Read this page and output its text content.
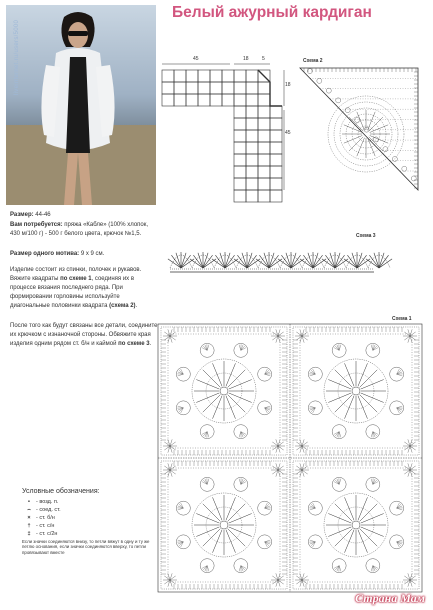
liveinternet.ru/users/5000
Белый ажурный кардиган
45	18	5
18
45
Схема 2
Схема 3
Схема 1
Размер: 44-46
Вам потребуется: пряжа «Кабле» (100% хлопок, 430 м/100 г) - 500 г белого цвета, крючок №1,5.
Размер одного мотива: 9 х 9 см.
Изделие состоит из спинки, полочек и рукавов. Вяжите квадраты по схеме 1, соединяя их в процессе вязания последнего ряда. При формировании горловины используйте диагональные половинки квадрата (схема 2).
После того как будут связаны все детали, соедините их крючком с изнаночной стороны. Обвяжите края изделия одним рядом ст. б/н и каймой по схеме 3.
Условные обозначения:
• - возд. п.
⌢ - соед. ст.
× - ст. б/н
† - ст. с/н
‡ - ст. с/2н
Если значки соединяются внизу, то петли вяжут в одну и ту же петлю основания, если значки соединяются вверху, то петли провязывают вместе
Страна Мам
